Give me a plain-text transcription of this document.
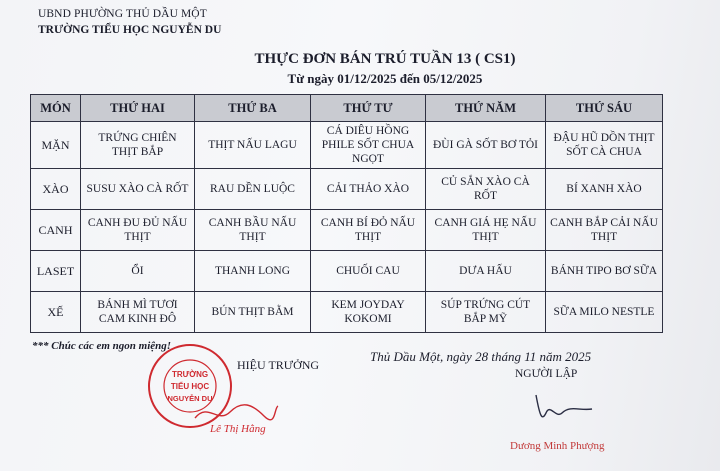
UBND PHƯỜNG THỦ DẦU MỘT
TRƯỜNG TIỂU HỌC NGUYỄN DU
THỰC ĐƠN BÁN TRÚ TUẦN 13 ( CS1)
Từ ngày 01/12/2025 đến 05/12/2025
MÓN	THỨ HAI	THỨ BA	THỨ TƯ	THỨ NĂM	THỨ SÁU
MẶN	TRỨNG CHIÊN THỊT BẮP	THỊT NẤU LAGU	CÁ DIÊU HỒNG PHILE SỐT CHUA NGỌT	ĐÙI GÀ SỐT BƠ TỎI	ĐẬU HŨ DỒN THỊT SỐT CÀ CHUA
XÀO	SUSU XÀO CÀ RỐT	RAU DỀN LUỘC	CẢI THẢO XÀO	CỦ SẮN XÀO CÀ RỐT	BÍ XANH XÀO
CANH	CANH ĐU ĐỦ NẤU THỊT	CANH BẦU NẤU THỊT	CANH BÍ ĐỎ NẤU THỊT	CANH GIÁ HẸ NẤU THỊT	CANH BẮP CẢI NẤU THỊT
LASET	ỔI	THANH LONG	CHUỐI CAU	DƯA HẤU	BÁNH TIPO BƠ SỮA
XẾ	BÁNH MÌ TƯƠI CAM KINH ĐÔ	BÚN THỊT BẰM	KEM JOYDAY KOKOMI	SÚP TRỨNG CÚT BẮP MỸ	SỮA MILO NESTLE
*** Chúc các em ngon miệng!
Thủ Dầu Một, ngày 28 tháng 11 năm 2025
NGƯỜI LẬP
TRƯỜNG
TIỂU HỌC
NGUYỄN DU
HIỆU TRƯỞNG
Lê Thị Hằng
Dương Minh Phượng
